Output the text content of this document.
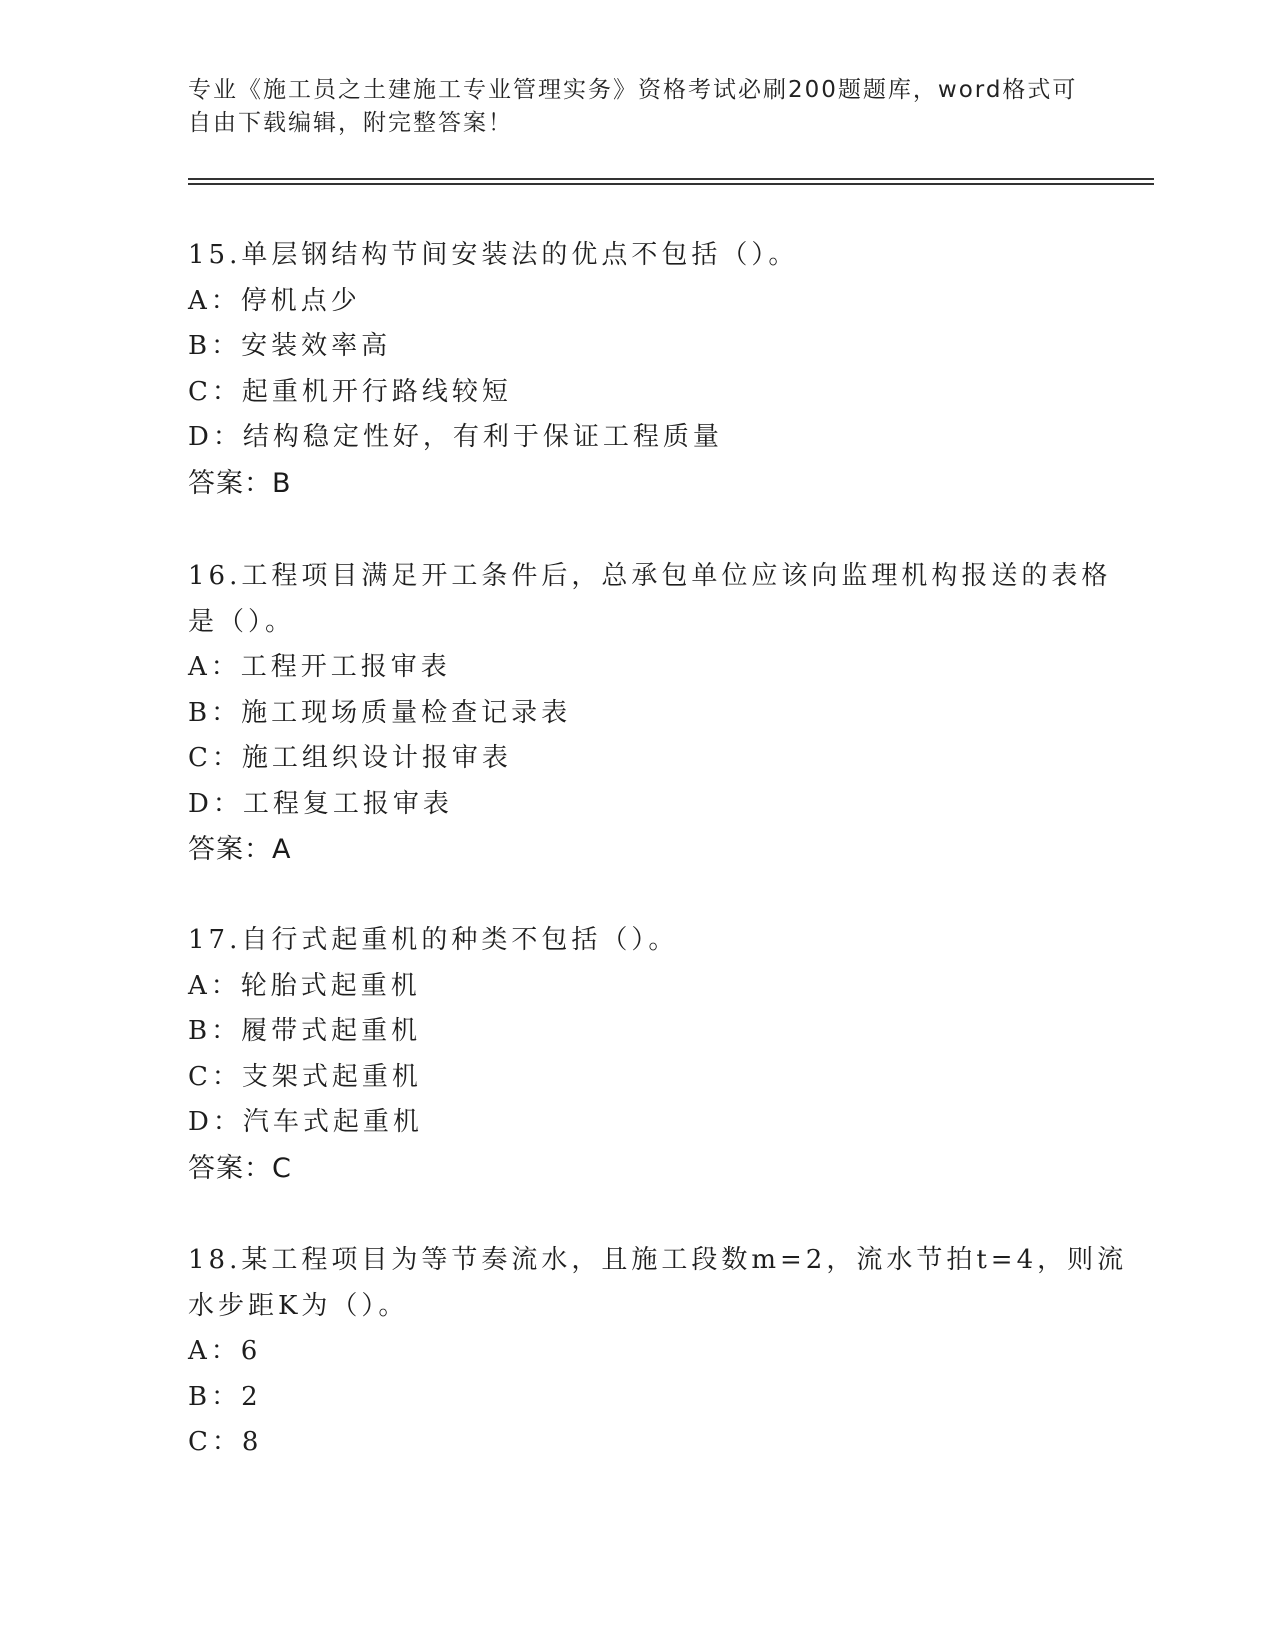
专业《施工员之土建施工专业管理实务》资格考试必刷200题题库，word格式可
自由下载编辑，附完整答案！
15.单层钢结构节间安装法的优点不包括（）。
A：停机点少
B：安装效率高
C：起重机开行路线较短
D：结构稳定性好，有利于保证工程质量
答案：B
16.工程项目满足开工条件后，总承包单位应该向监理机构报送的表格
是（）。
A：工程开工报审表
B：施工现场质量检查记录表
C：施工组织设计报审表
D：工程复工报审表
答案：A
17.自行式起重机的种类不包括（）。
A：轮胎式起重机
B：履带式起重机
C：支架式起重机
D：汽车式起重机
答案：C
18.某工程项目为等节奏流水，且施工段数m=2，流水节拍t=4，则流
水步距K为（）。
A：6
B：2
C：8
